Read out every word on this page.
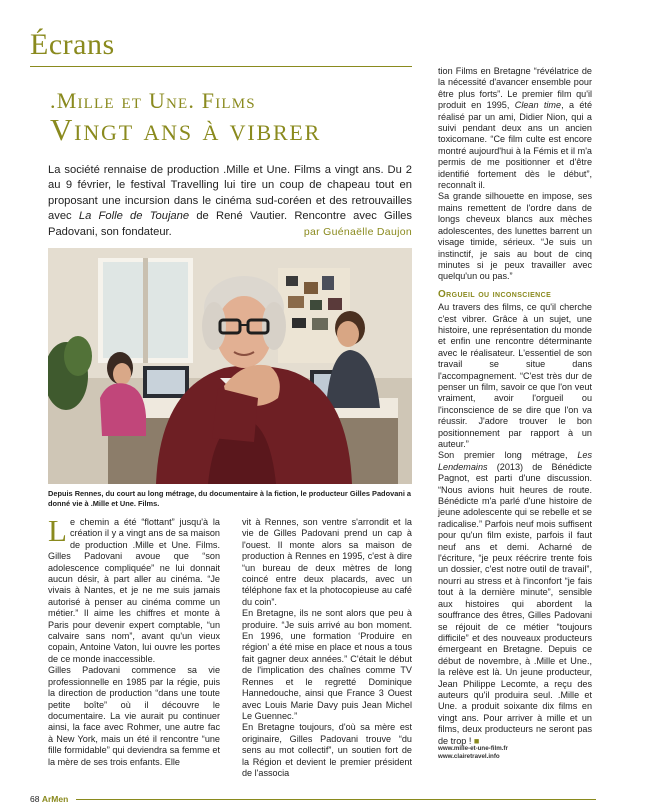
Écrans
.Mille et Une. Films
Vingt ans à vibrer
La société rennaise de production .Mille et Une. Films a vingt ans. Du 2 au 9 février, le festival Travelling lui tire un coup de chapeau tout en proposant une incursion dans le cinéma sud-coréen et des retrouvailles avec La Folle de Toujane de René Vautier. Rencontre avec Gilles Padovani, son fondateur.	par Guénaëlle Daujon
Depuis Rennes, du court au long métrage, du documentaire à la fiction, le producteur Gilles Padovani a donné vie à .Mille et Une. Films.

Le chemin a été “flottant” jusqu'à la création il y a vingt ans de sa maison de production .Mille et Une. Films. Gilles Padovani avoue que “son adolescence compliquée” ne lui donnait aucun désir, à part aller au cinéma. “Je vivais à Nantes, et je ne me suis jamais autorisé à penser au cinéma comme un métier.” Il aime les chiffres et monte à Paris pour devenir expert comptable, “un calvaire sans nom”, avant qu'un vieux copain, Antoine Vaton, lui ouvre les portes de ce monde inaccessible.

Gilles Padovani commence sa vie professionnelle en 1985 par la régie, puis la direction de production “dans une toute petite boîte” où il découvre le documentaire. La vie aurait pu continuer ainsi, la face avec Rohmer, une autre fac à New York, mais un été il rencontre “une fille formidable” qui deviendra sa femme et la mère de ses trois enfants. Elle

vit à Rennes, son ventre s'arrondit et la vie de Gilles Padovani prend un cap à l'ouest. Il monte alors sa maison de production à Rennes en 1995, c'est à dire “un bureau de deux mètres de long coincé entre deux placards, avec un téléphone fax et la photocopieuse au café du coin”.

En Bretagne, ils ne sont alors que peu à produire. “Je suis arrivé au bon moment. En 1996, une formation ‘Produire en région’ a été mise en place et nous a tous fait gagner deux années.” C'était le début de l'implication des chaînes comme TV Rennes et le regretté Dominique Hannedouche, ainsi que France 3 Ouest avec Louis Marie Davy puis Jean Michel Le Guennec.”

En Bretagne toujours, d'où sa mère est originaire, Gilles Padovani trouve “du sens au mot collectif”, un soutien fort de la Région et devient le premier président de l'associa

tion Films en Bretagne “révélatrice de la nécessité d'avancer ensemble pour être plus forts”. Le premier film qu'il produit en 1995, Clean time, a été réalisé par un ami, Didier Nion, qui a suivi pendant deux ans un ancien toxicomane. “Ce film culte est encore montré aujourd'hui à la Fémis et il m'a permis de me positionner et d'être identifié fortement dès le début”, reconnaît il.

Sa grande silhouette en impose, ses mains remettent de l'ordre dans de longs cheveux blancs aux mèches adolescentes, des lunettes barrent un visage timide, sérieux. “Je suis un instinctif, je sais au bout de cinq minutes si je peux travailler avec quelqu'un ou pas.”

Orgueil ou inconscience

Au travers des films, ce qu'il cherche c'est vibrer. Grâce à un sujet, une histoire, une représentation du monde et enfin une rencontre déterminante avec le réalisateur. L'essentiel de son travail se situe dans l'accompagnement. “C'est très dur de penser un film, savoir ce que l'on veut vraiment, avoir l'orgueil ou l'inconscience de se dire que l'on va réussir. J'adore trouver le bon positionnement par rapport à un auteur.”

Son premier long métrage, Les Lendemains (2013) de Bénédicte Pagnot, est parti d'une discussion. “Nous avions huit heures de route. Bénédicte m'a parlé d'une histoire de jeune adolescente qui se rebelle et se radicalise.” Parfois neuf mois suffisent pour qu'un film existe, parfois il faut neuf ans et demi. Acharné de l'écriture, “je peux réécrire trente fois un dossier, c'est notre outil de travail”, nourri au stress et à l'inconfort “je fais tout à la dernière minute”, sensible aux histoires qui abordent la souffrance des êtres, Gilles Padovani se réjouit de ce métier “toujours difficile” et des nouveaux producteurs émergeant en Bretagne. Depuis ce début de novembre, à .Mille et Une., la relève est là. Un jeune producteur, Jean Philippe Lecomte, a reçu des auteurs qu'il produira seul. .Mille et Une. a produit soixante dix films en vingt ans. Pour arriver à mille et un films, deux producteurs ne seront pas de trop ! ■

www.mille-et-une-film.fr
www.clairetravel.info
68 ArMen
